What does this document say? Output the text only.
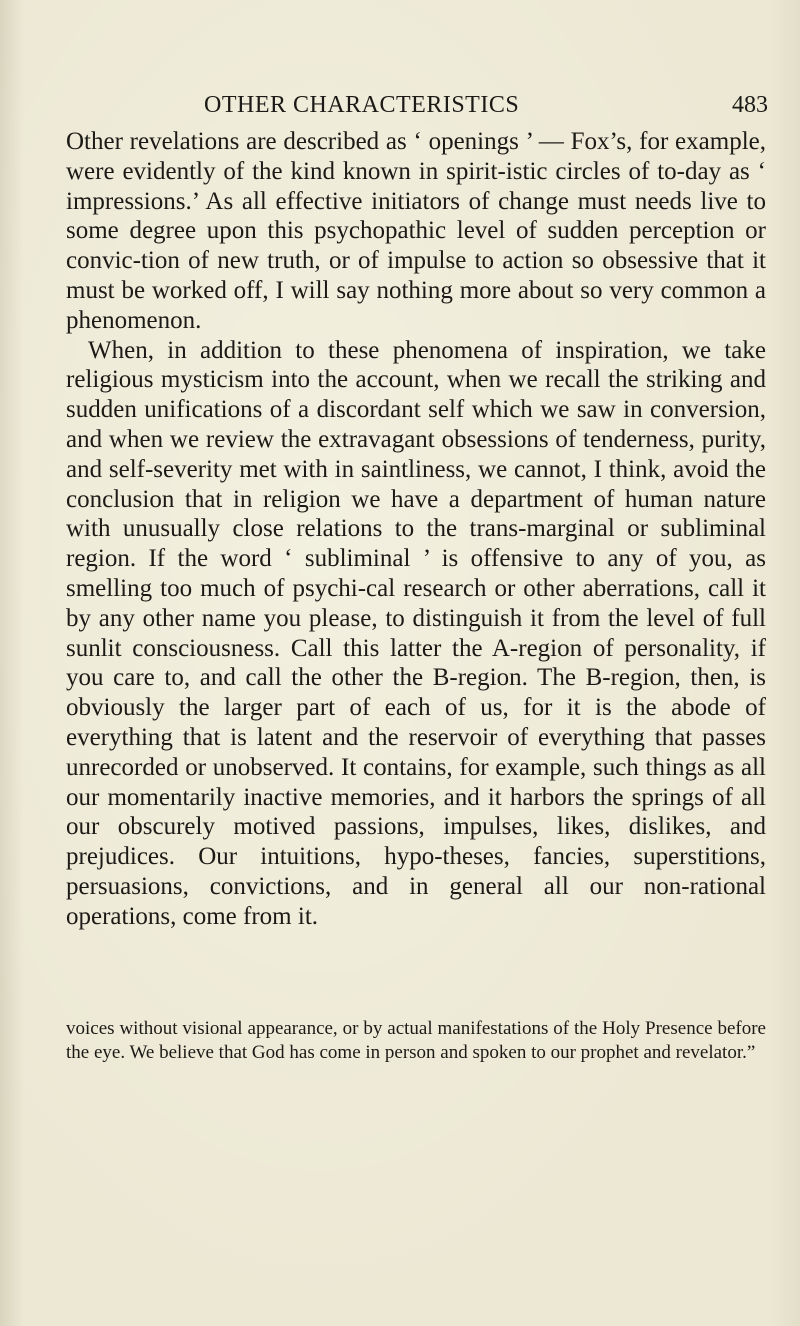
OTHER CHARACTERISTICS	483

Other revelations are described as ‘ openings ’ — Fox’s, for example, were evidently of the kind known in spirit-istic circles of to-day as ‘ impressions.’ As all effective initiators of change must needs live to some degree upon this psychopathic level of sudden perception or convic-tion of new truth, or of impulse to action so obsessive that it must be worked off, I will say nothing more about so very common a phenomenon.

When, in addition to these phenomena of inspiration, we take religious mysticism into the account, when we recall the striking and sudden unifications of a discordant self which we saw in conversion, and when we review the extravagant obsessions of tenderness, purity, and self-severity met with in saintliness, we cannot, I think, avoid the conclusion that in religion we have a department of human nature with unusually close relations to the trans-marginal or subliminal region. If the word ‘ subliminal ’ is offensive to any of you, as smelling too much of psychi-cal research or other aberrations, call it by any other name you please, to distinguish it from the level of full sunlit consciousness. Call this latter the A-region of personality, if you care to, and call the other the B-region. The B-region, then, is obviously the larger part of each of us, for it is the abode of everything that is latent and the reservoir of everything that passes unrecorded or unobserved. It contains, for example, such things as all our momentarily inactive memories, and it harbors the springs of all our obscurely motived passions, impulses, likes, dislikes, and prejudices. Our intuitions, hypo-theses, fancies, superstitions, persuasions, convictions, and in general all our non-rational operations, come from it.

voices without visional appearance, or by actual manifestations of the Holy Presence before the eye. We believe that God has come in person and spoken to our prophet and revelator.”
